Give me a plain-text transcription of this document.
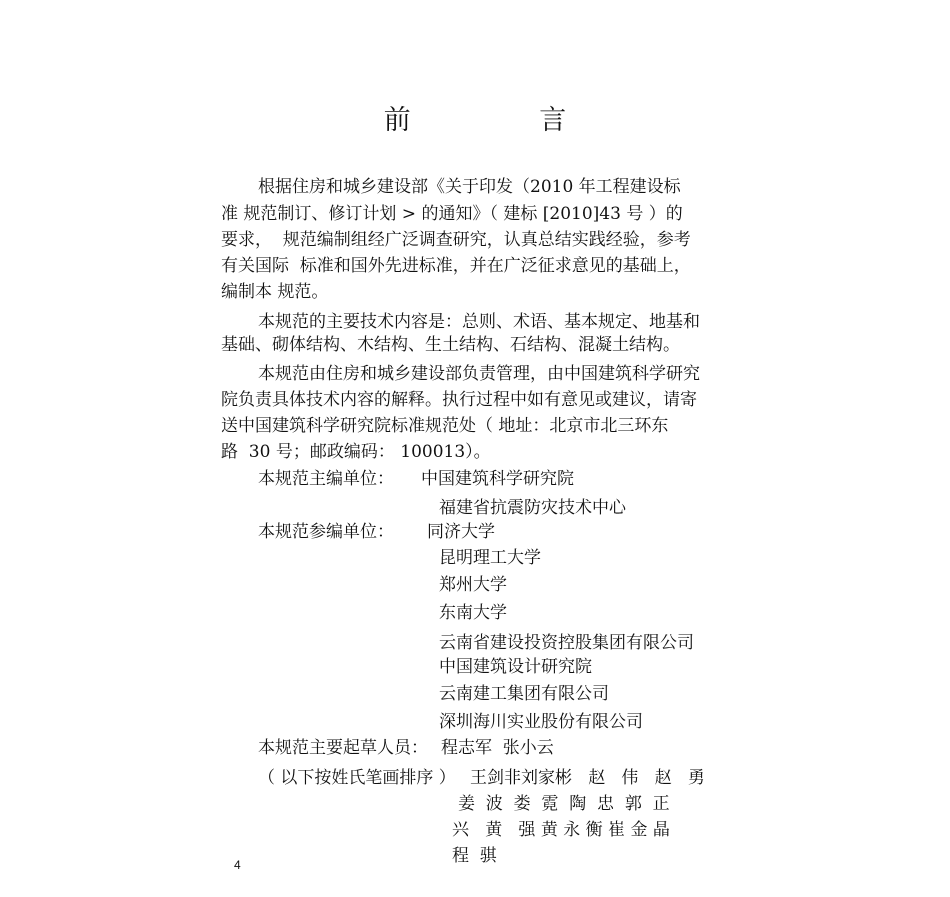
前 言
根据住房和城乡建设部《关于印发（2010 年工程建设标
准 规范制订、修订计划 > 的通知》（ 建标 [2010]43 号 ）的
要求，  规范编制组经广泛调查研究，认真总结实践经验，参考
有关国际  标准和国外先进标准，并在广泛征求意见的基础上，
编制本 规范。
本规范的主要技术内容是：总则、术语、基本规定、地基和
基础、砌体结构、木结构、生土结构、石结构、混凝土结构。
本规范由住房和城乡建设部负责管理，由中国建筑科学研究
院负责具体技术内容的解释。执行过程中如有意见或建议，请寄
送中国建筑科学研究院标准规范处（ 地址：北京市北三环东
路  30 号；邮政编码： 100013）。
本规范主编单位： 中国建筑科学研究院
福建省抗震防灾技术中心
本规范参编单位： 同济大学
昆明理工大学
郑州大学
东南大学
云南省建设投资控股集团有限公司
中国建筑设计研究院
云南建工集团有限公司
深圳海川实业股份有限公司
本规范主要起草人员： 程志军  张小云
（ 以下按姓氏笔画排序 ） 王剑非刘家彬   赵   伟   赵   勇
姜  波  娄  霓  陶  忠  郭  正
兴   黄   强 黄 永 衡 崔 金 晶
程  骐
4
